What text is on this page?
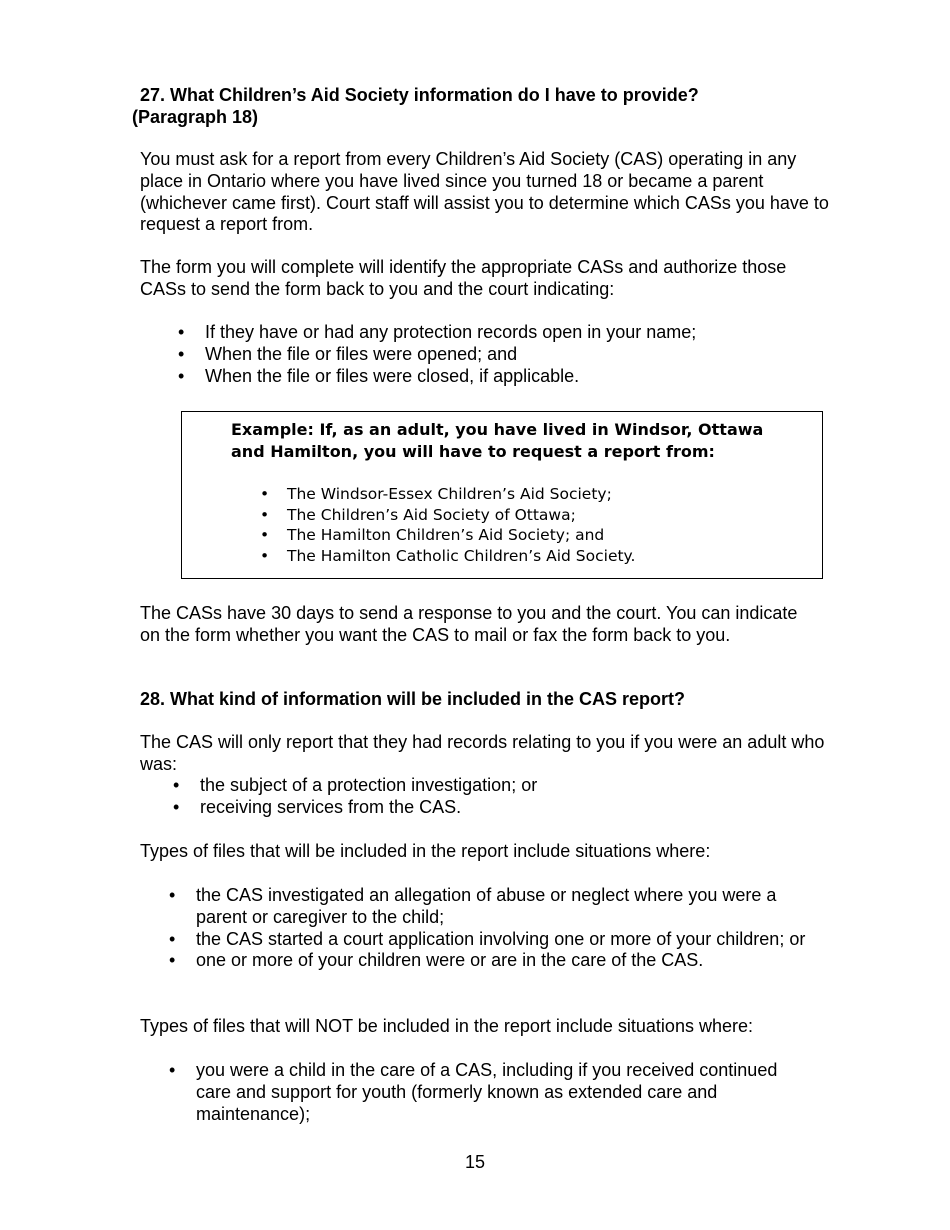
27. What Children’s Aid Society information do I have to provide?
(Paragraph 18)
You must ask for a report from every Children’s Aid Society (CAS) operating in any place in Ontario where you have lived since you turned 18 or became a parent (whichever came first). Court staff will assist you to determine which CASs you have to request a report from.
The form you will complete will identify the appropriate CASs and authorize those CASs to send the form back to you and the court indicating:
• If they have or had any protection records open in your name;
• When the file or files were opened; and
• When the file or files were closed, if applicable.
Example: If, as an adult, you have lived in Windsor, Ottawa and Hamilton, you will have to request a report from:
• The Windsor-Essex Children’s Aid Society;
• The Children’s Aid Society of Ottawa;
• The Hamilton Children’s Aid Society; and
• The Hamilton Catholic Children’s Aid Society.
The CASs have 30 days to send a response to you and the court. You can indicate on the form whether you want the CAS to mail or fax the form back to you.
28. What kind of information will be included in the CAS report?
The CAS will only report that they had records relating to you if you were an adult who was:
• the subject of a protection investigation; or
• receiving services from the CAS.
Types of files that will be included in the report include situations where:
• the CAS investigated an allegation of abuse or neglect where you were a parent or caregiver to the child;
• the CAS started a court application involving one or more of your children; or
• one or more of your children were or are in the care of the CAS.
Types of files that will NOT be included in the report include situations where:
• you were a child in the care of a CAS, including if you received continued care and support for youth (formerly known as extended care and maintenance);
15
